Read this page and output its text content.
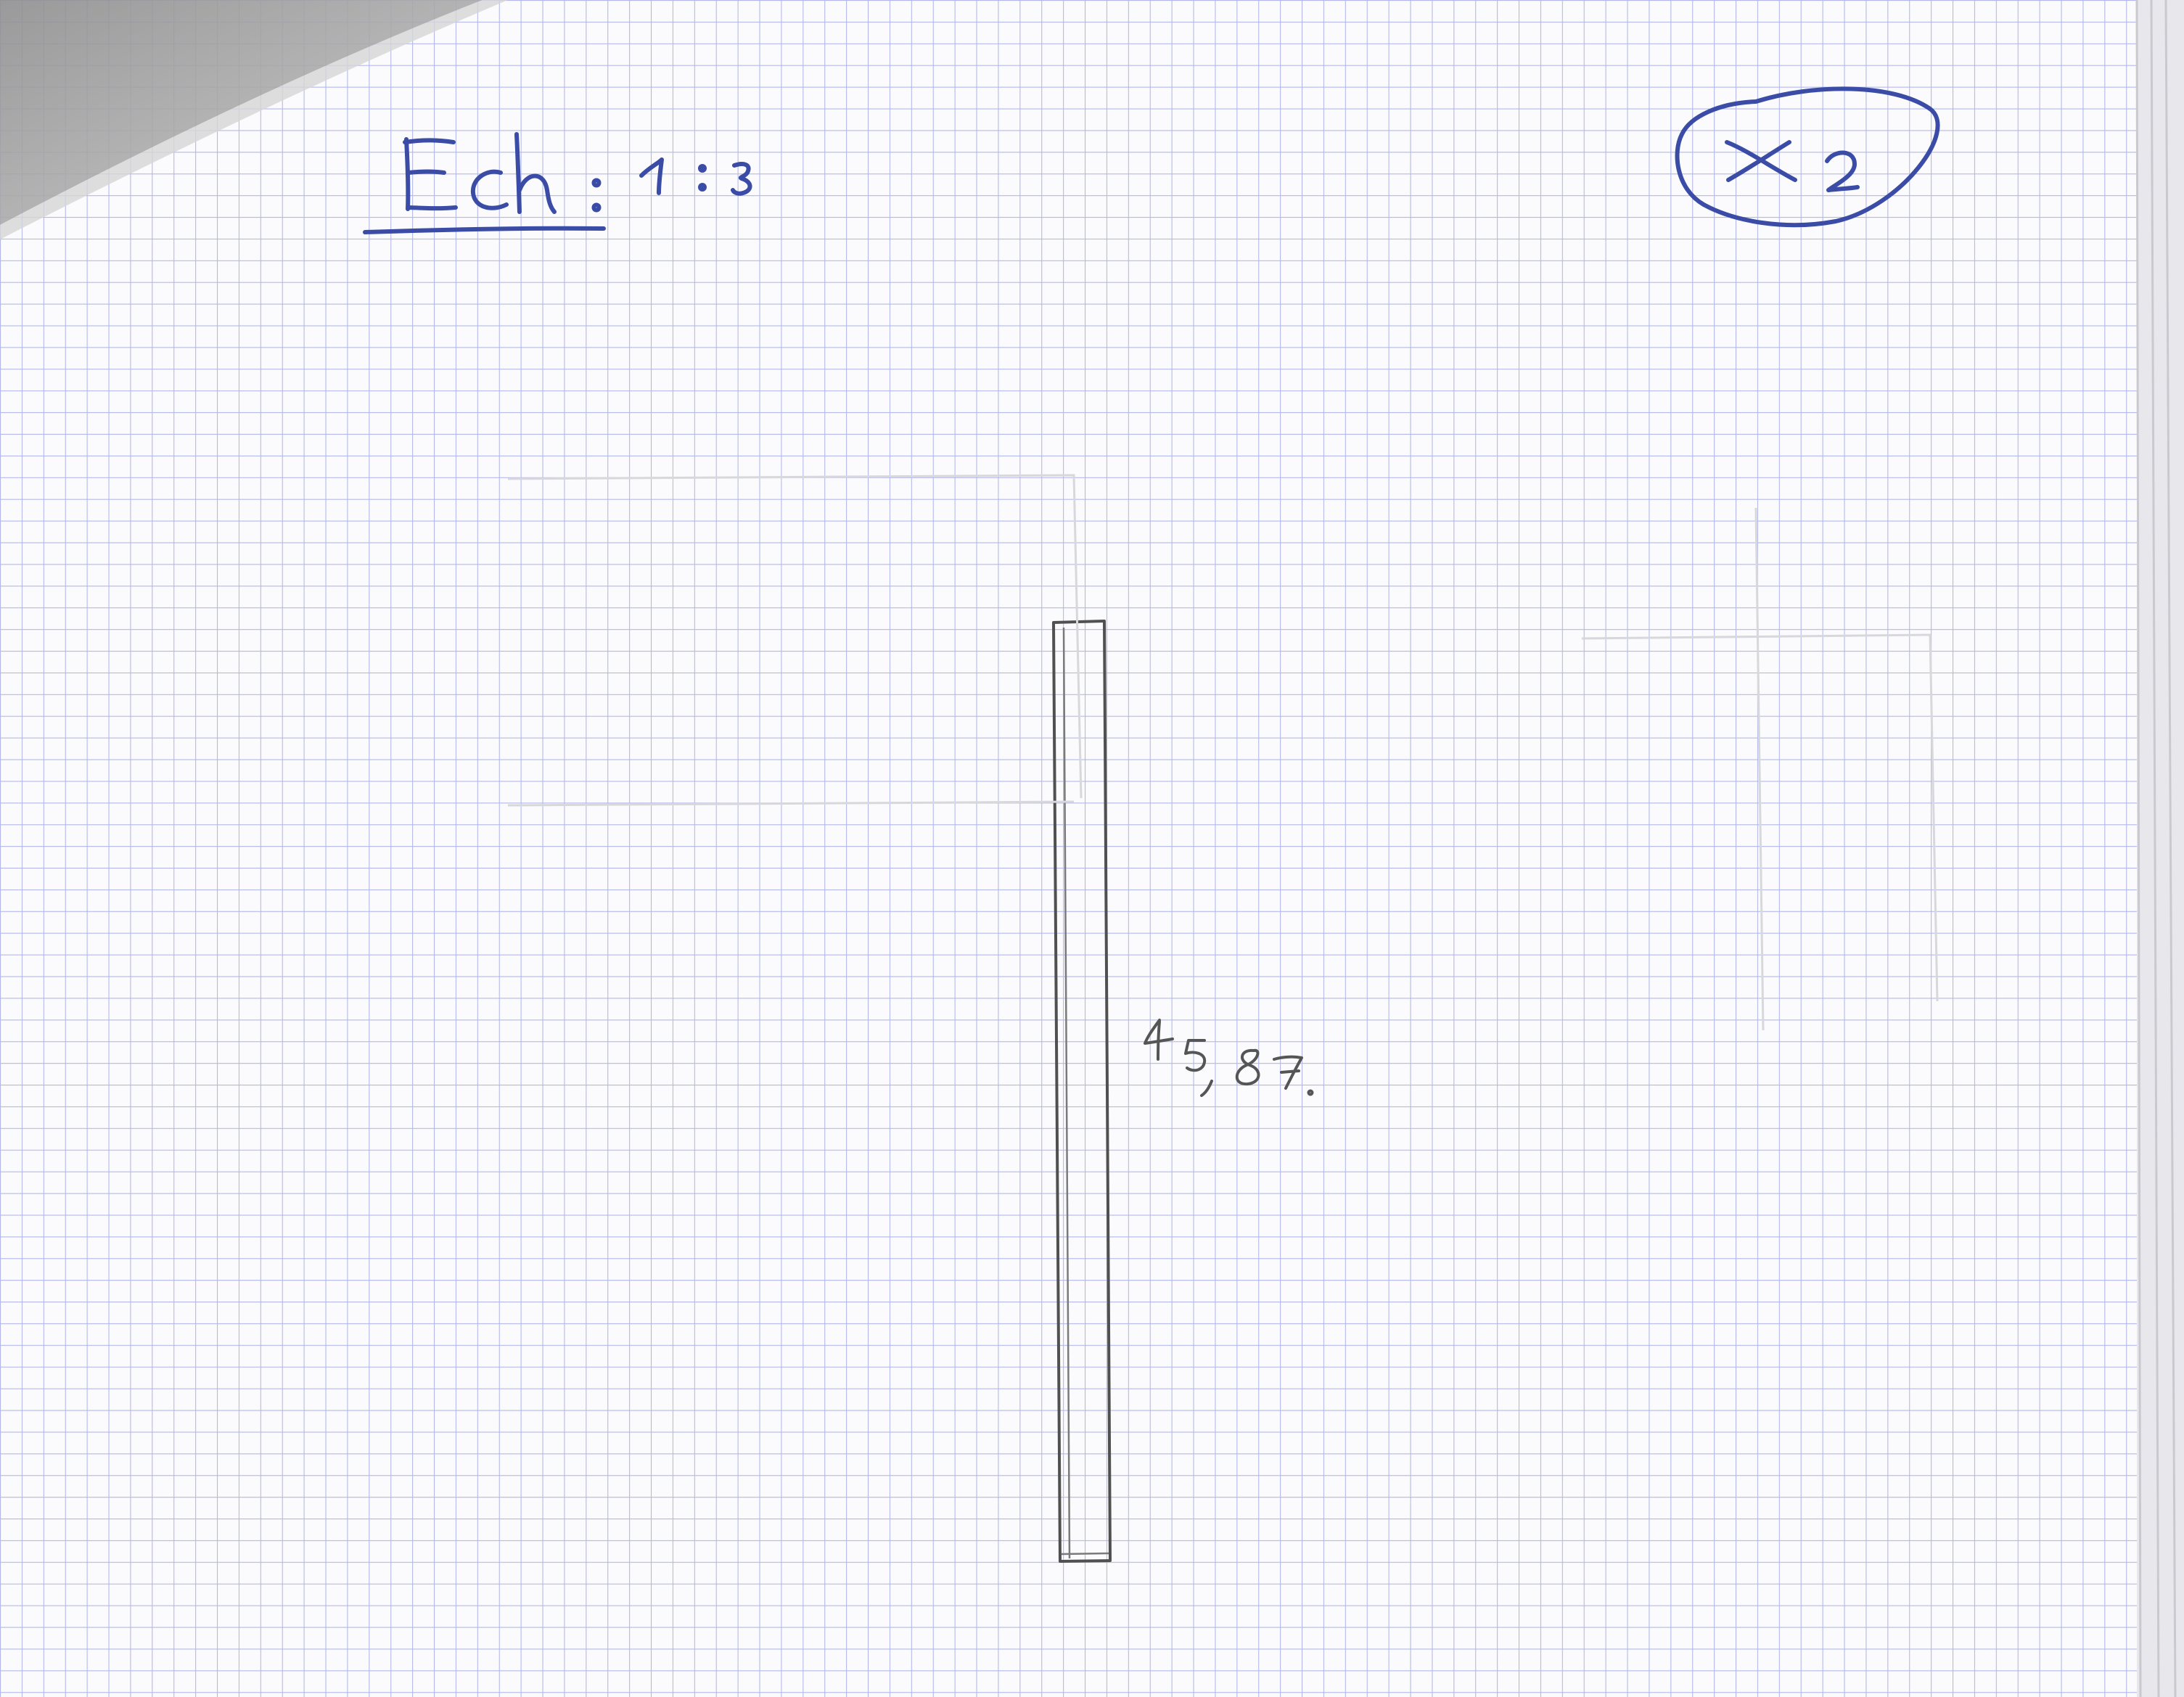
1:3
45,87
